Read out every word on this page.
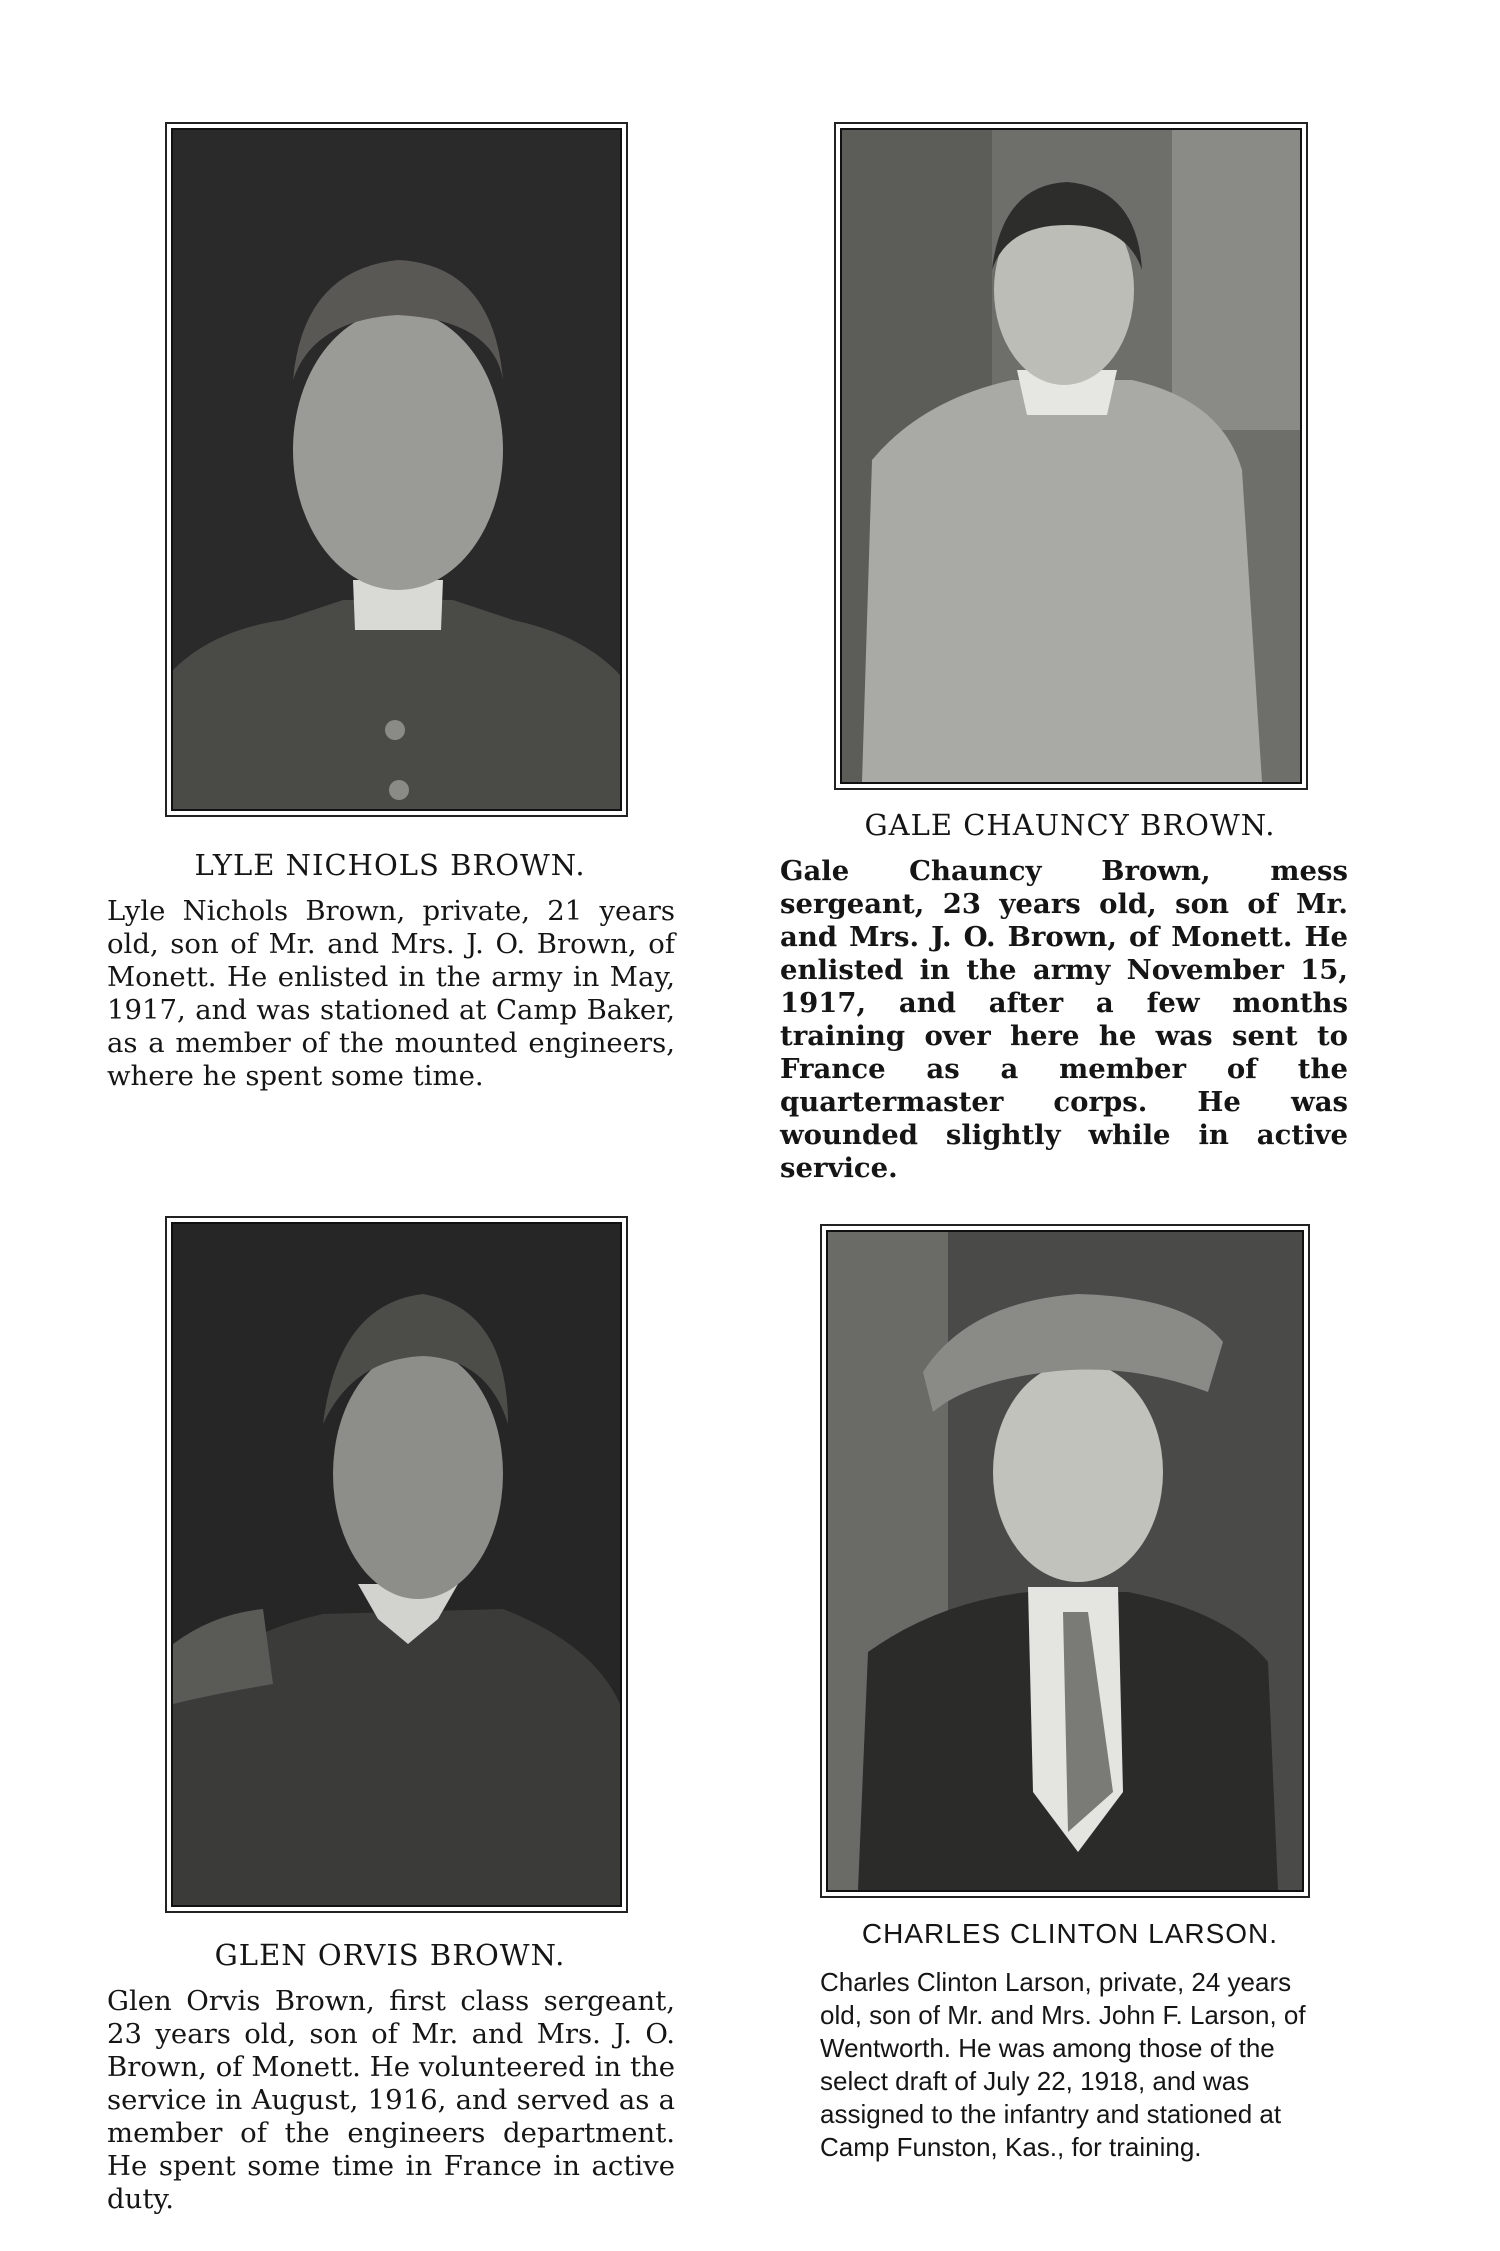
LYLE NICHOLS BROWN.
Lyle Nichols Brown, private, 21 years old, son of Mr. and Mrs. J. O. Brown, of Monett. He enlisted in the army in May, 1917, and was stationed at Camp Baker, as a member of the mounted engineers, where he spent some time.
GALE CHAUNCY BROWN.
Gale Chauncy Brown, mess sergeant, 23 years old, son of Mr. and Mrs. J. O. Brown, of Monett. He enlisted in the army November 15, 1917, and after a few months training over here he was sent to France as a member of the quartermaster corps. He was wounded slightly while in active service.
GLEN ORVIS BROWN.
Glen Orvis Brown, first class sergeant, 23 years old, son of Mr. and Mrs. J. O. Brown, of Monett. He volunteered in the service in August, 1916, and served as a member of the engineers department. He spent some time in France in active duty.
CHARLES CLINTON LARSON.
Charles Clinton Larson, private, 24 years old, son of Mr. and Mrs. John F. Larson, of Wentworth. He was among those of the select draft of July 22, 1918, and was assigned to the infantry and stationed at Camp Funston, Kas., for training.
